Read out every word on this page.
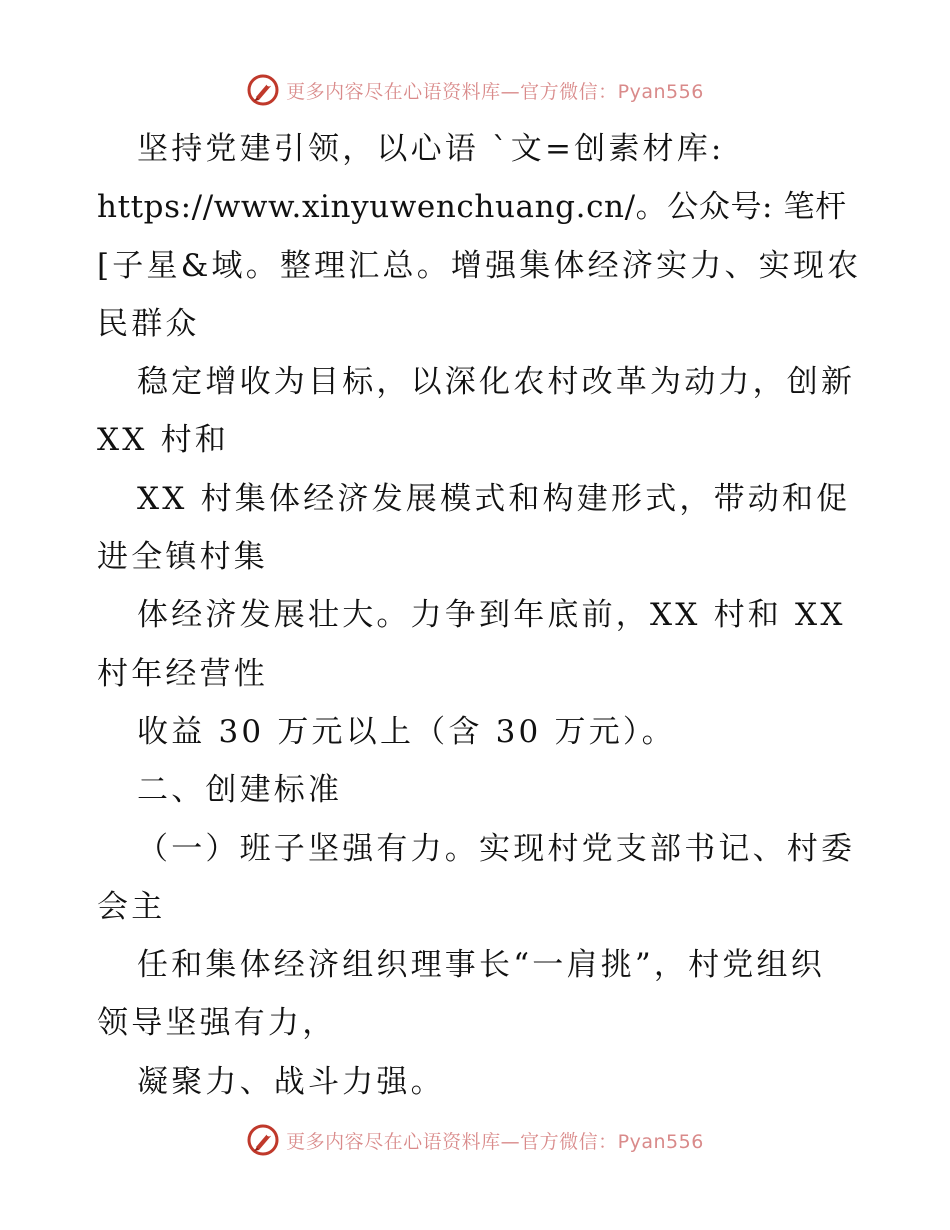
更多内容尽在心语资料库—官方微信：Pyan556
坚持党建引领，以心语 ˋ文=创素材库:
https://www.xinyuwenchuang.cn/。公众号: 笔杆
[子星&域。整理汇总。增强集体经济实力、实现农
民群众
稳定增收为目标，以深化农村改革为动力，创新
XX 村和
XX 村集体经济发展模式和构建形式，带动和促
进全镇村集
体经济发展壮大。力争到年底前，XX 村和 XX
村年经营性
收益 30 万元以上（含 30 万元）。
二、创建标准
（一）班子坚强有力。实现村党支部书记、村委
会主
任和集体经济组织理事长“一肩挑”，村党组织
领导坚强有力，
凝聚力、战斗力强。
更多内容尽在心语资料库—官方微信：Pyan556
